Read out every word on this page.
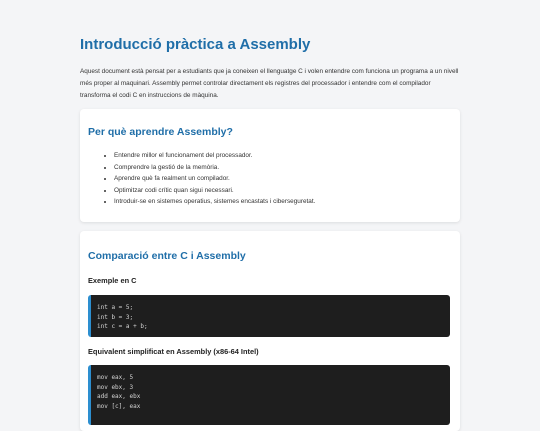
Introducció pràctica a Assembly

Aquest document està pensat per a estudiants que ja coneixen el llenguatge C i volen entendre com funciona un programa a un nivell més proper al maquinari. Assembly permet controlar directament els registres del processador i entendre com el compilador transforma el codi C en instruccions de màquina.

Per què aprendre Assembly?
• Entendre millor el funcionament del processador.
• Comprendre la gestió de la memòria.
• Aprendre què fa realment un compilador.
• Optimitzar codi crític quan sigui necessari.
• Introduir-se en sistemes operatius, sistemes encastats i ciberseguretat.
Comparació entre C i Assembly
Exemple en C
int a = 5;
int b = 3;
int c = a + b;
Equivalent simplificat en Assembly (x86-64 Intel)
mov eax, 5
mov ebx, 3
add eax, ebx
mov [c], eax
